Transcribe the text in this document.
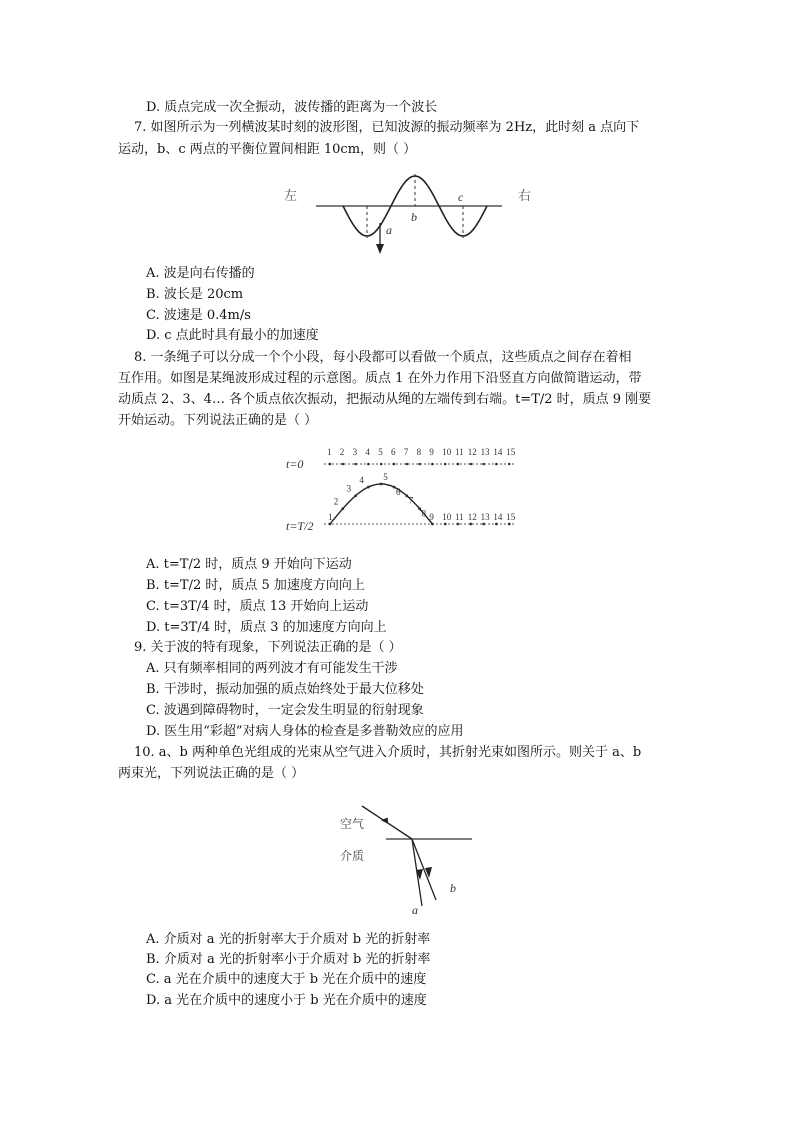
D. 质点完成一次全振动，波传播的距离为一个波长
7. 如图所示为一列横波某时刻的波形图，已知波源的振动频率为 2Hz，此时刻 a 点向下
运动，b、c 两点的平衡位置间相距 10cm，则（ ）
左	右
a
b
c
A. 波是向右传播的
B. 波长是 20cm
C. 波速是 0.4m/s
D. c 点此时具有最小的加速度
8. 一条绳子可以分成一个个小段，每小段都可以看做一个质点，这些质点之间存在着相
互作用。如图是某绳波形成过程的示意图。质点 1 在外力作用下沿竖直方向做简谐运动，带
动质点 2、3、4… 各个质点依次振动，把振动从绳的左端传到右端。t=T/2 时，质点 9 刚要
开始运动。下列说法正确的是（ ）
t=0
t=T/2
1 2 3 4 5 6 7 8 9 10 11 12 13 14 15
1
2
3
4 5
6
7
8 9 10 11 12 13 14 15
A. t=T/2 时，质点 9 开始向下运动
B. t=T/2 时，质点 5 加速度方向向上
C. t=3T/4 时，质点 13 开始向上运动
D. t=3T/4 时，质点 3 的加速度方向向上
9. 关于波的特有现象，下列说法正确的是（ ）
A. 只有频率相同的两列波才有可能发生干涉
B. 干涉时，振动加强的质点始终处于最大位移处
C. 波遇到障碍物时，一定会发生明显的衍射现象
D. 医生用“彩超”对病人身体的检查是多普勒效应的应用
10. a、b 两种单色光组成的光束从空气进入介质时，其折射光束如图所示。则关于 a、b
两束光，下列说法正确的是（ ）
空气
介质
a
b
A. 介质对 a 光的折射率大于介质对 b 光的折射率
B. 介质对 a 光的折射率小于介质对 b 光的折射率
C. a 光在介质中的速度大于 b 光在介质中的速度
D. a 光在介质中的速度小于 b 光在介质中的速度
